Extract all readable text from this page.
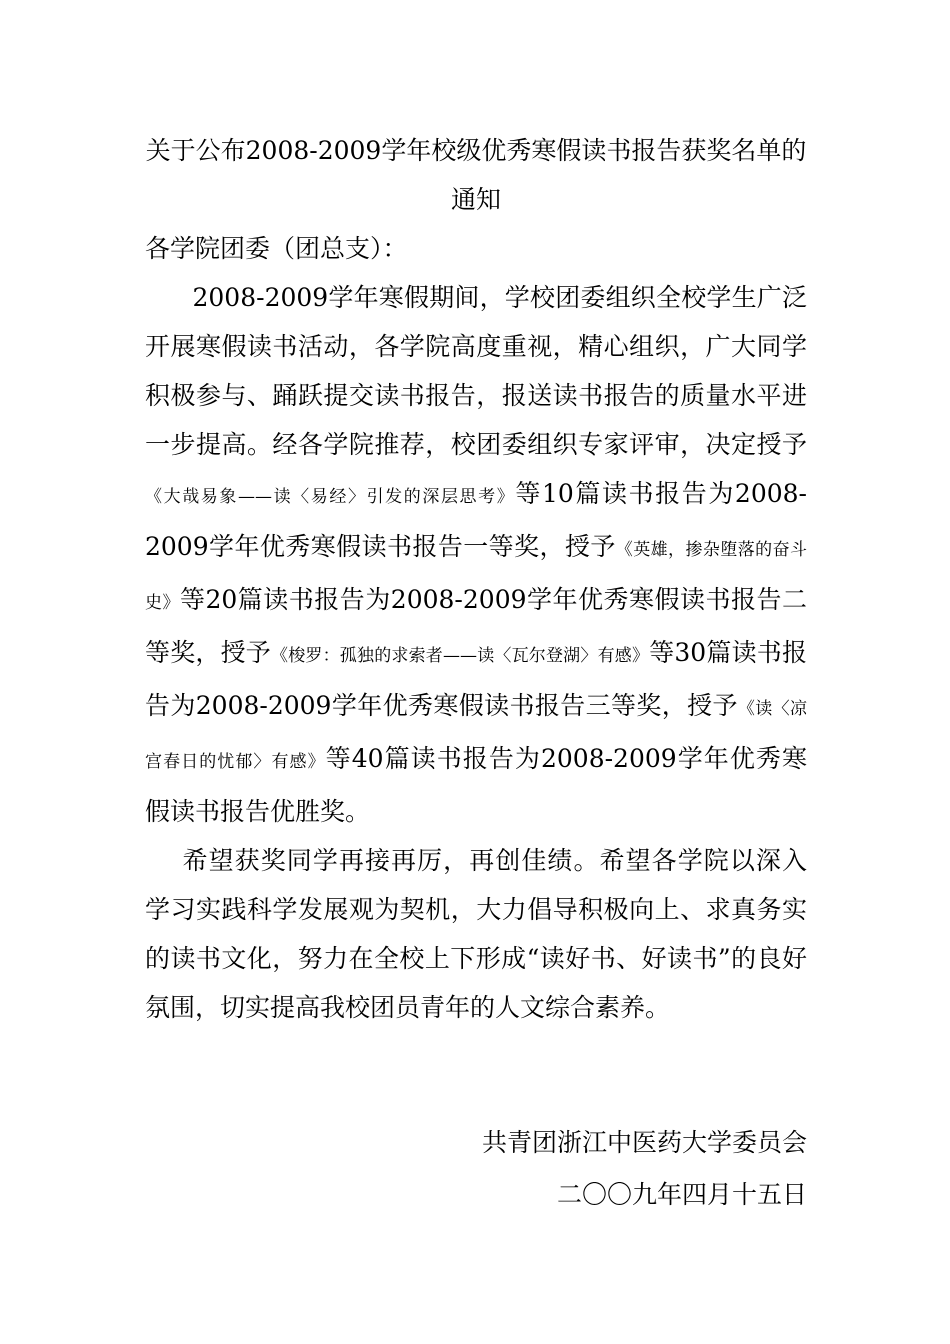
关于公布2008-2009学年校级优秀寒假读书报告获奖名单的通知

各学院团委（团总支）：

2008-2009学年寒假期间，学校团委组织全校学生广泛开展寒假读书活动，各学院高度重视，精心组织，广大同学积极参与、踊跃提交读书报告，报送读书报告的质量水平进一步提高。经各学院推荐，校团委组织专家评审，决定授予《大哉易象——读〈易经〉引发的深层思考》等10篇读书报告为2008-2009学年优秀寒假读书报告一等奖，授予《英雄，掺杂堕落的奋斗史》等20篇读书报告为2008-2009学年优秀寒假读书报告二等奖，授予《梭罗：孤独的求索者——读〈瓦尔登湖〉有感》等30篇读书报告为2008-2009学年优秀寒假读书报告三等奖，授予《读〈凉宫春日的忧郁〉有感》等40篇读书报告为2008-2009学年优秀寒假读书报告优胜奖。

希望获奖同学再接再厉，再创佳绩。希望各学院以深入学习实践科学发展观为契机，大力倡导积极向上、求真务实的读书文化，努力在全校上下形成“读好书、好读书”的良好氛围，切实提高我校团员青年的人文综合素养。

共青团浙江中医药大学委员会
二〇〇九年四月十五日
